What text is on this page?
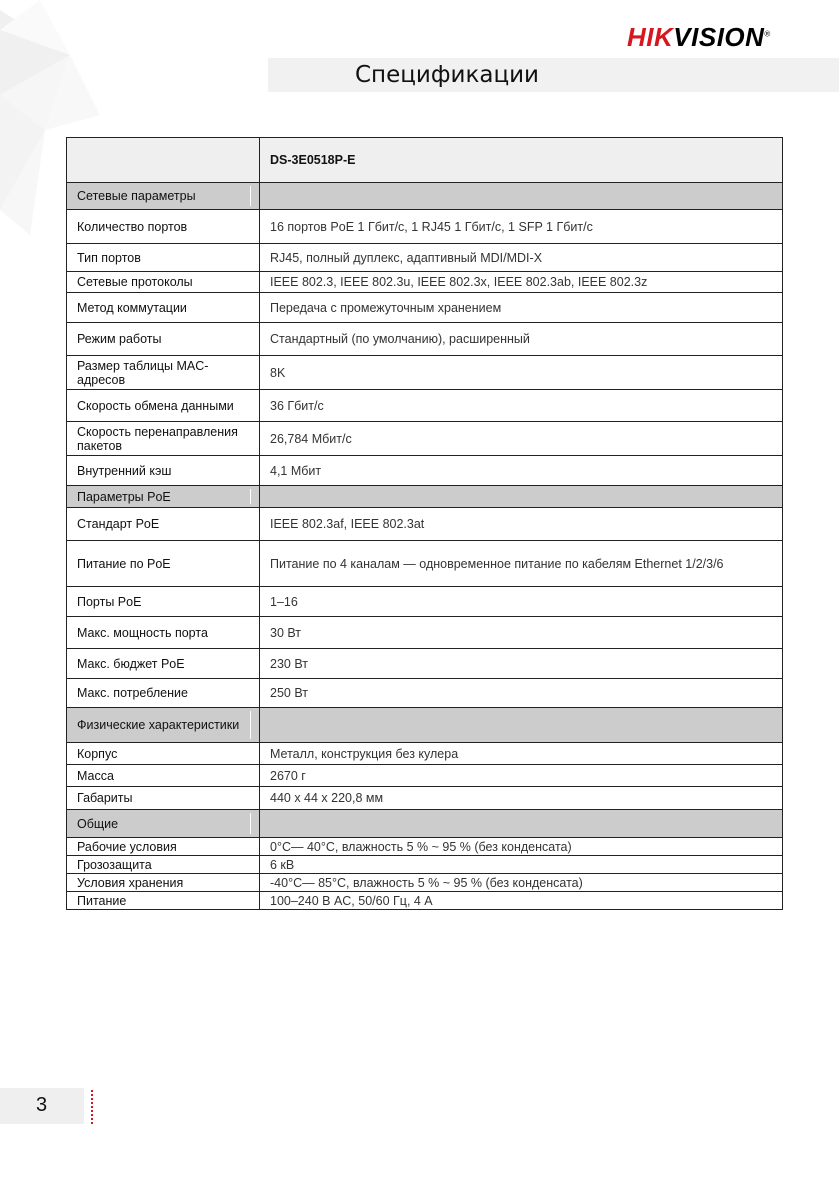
HIKVISION®
Спецификации
	DS-3E0518P-E
Сетевые параметры

Количество портов	16 портов PoE 1 Гбит/с, 1 RJ45 1 Гбит/с, 1 SFP 1 Гбит/с
Тип портов	RJ45, полный дуплекс, адаптивный MDI/MDI-X
Сетевые протоколы	IEEE 802.3, IEEE 802.3u, IEEE 802.3x, IEEE 802.3ab, IEEE 802.3z
Метод коммутации	Передача с промежуточным хранением
Режим работы	Стандартный (по умолчанию), расширенный
Размер таблицы MAC-адресов	8K
Скорость обмена данными	36 Гбит/с
Скорость перенаправления пакетов	26,784 Мбит/с
Внутренний кэш	4,1 Мбит
Параметры PoE

Стандарт PoE	IEEE 802.3af, IEEE 802.3at
Питание по PoE	Питание по 4 каналам — одновременное питание по кабелям Ethernet 1/2/3/6
Порты PoE	1–16
Макс. мощность порта	30 Вт
Макс. бюджет PoE	230 Вт
Макс. потребление	250 Вт
Физические характеристики

Корпус	Металл, конструкция без кулера
Масса	2670 г
Габариты	440 x 44 x 220,8 мм
Общие

Рабочие условия	0°C— 40°C, влажность 5 % ~ 95 % (без конденсата)
Грозозащита	6 кВ
Условия хранения	-40°C— 85°C, влажность 5 % ~ 95 % (без конденсата)
Питание	100–240 В AC, 50/60 Гц, 4 А
3
